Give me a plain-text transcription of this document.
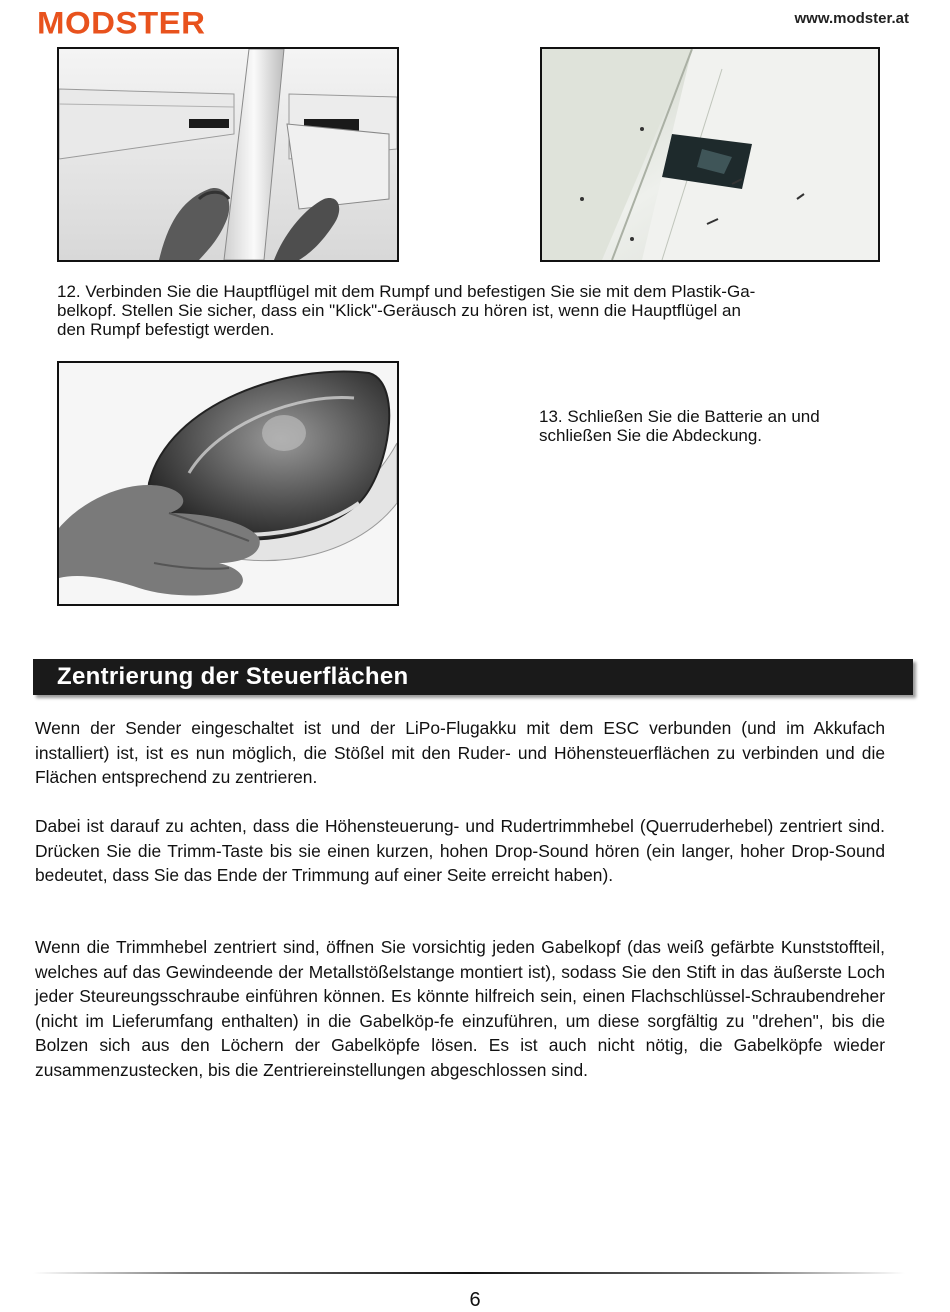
MODSTER	www.modster.at
12. Verbinden Sie die Hauptflügel mit dem Rumpf und befestigen Sie sie mit dem Plastik-Ga-
belkopf. Stellen Sie sicher, dass ein "Klick"-Geräusch zu hören ist, wenn die Hauptflügel an
den Rumpf befestigt werden.
13. Schließen Sie die Batterie an und
schließen Sie die Abdeckung.
Zentrierung der Steuerflächen
Wenn der Sender eingeschaltet ist und der LiPo-Flugakku mit dem ESC verbunden (und im Akkufach installiert) ist, ist es nun möglich, die Stößel mit den Ruder- und Höhensteuerflächen zu verbinden und die Flächen entsprechend zu zentrieren.
Dabei ist darauf zu achten, dass die Höhensteuerung- und Rudertrimmhebel (Querruderhebel) zentriert sind. Drücken Sie die Trimm-Taste bis sie einen kurzen, hohen Drop-Sound hören (ein langer, hoher Drop-Sound bedeutet, dass Sie das Ende der Trimmung auf einer Seite erreicht haben).
Wenn die Trimmhebel zentriert sind, öffnen Sie vorsichtig jeden Gabelkopf (das weiß gefärbte Kunststoffteil, welches auf das Gewindeende der Metallstößelstange montiert ist), sodass Sie den Stift in das äußerste Loch jeder Steureungsschraube einführen können. Es könnte hilfreich sein, einen Flachschlüssel-Schraubendreher (nicht im Lieferumfang enthalten) in die Gabelköp-fe einzuführen, um diese sorgfältig zu "drehen", bis die Bolzen sich aus den Löchern der Gabelköpfe lösen. Es ist auch nicht nötig, die Gabelköpfe wieder zusammenzustecken, bis die Zentriereinstellungen abgeschlossen sind.
6
